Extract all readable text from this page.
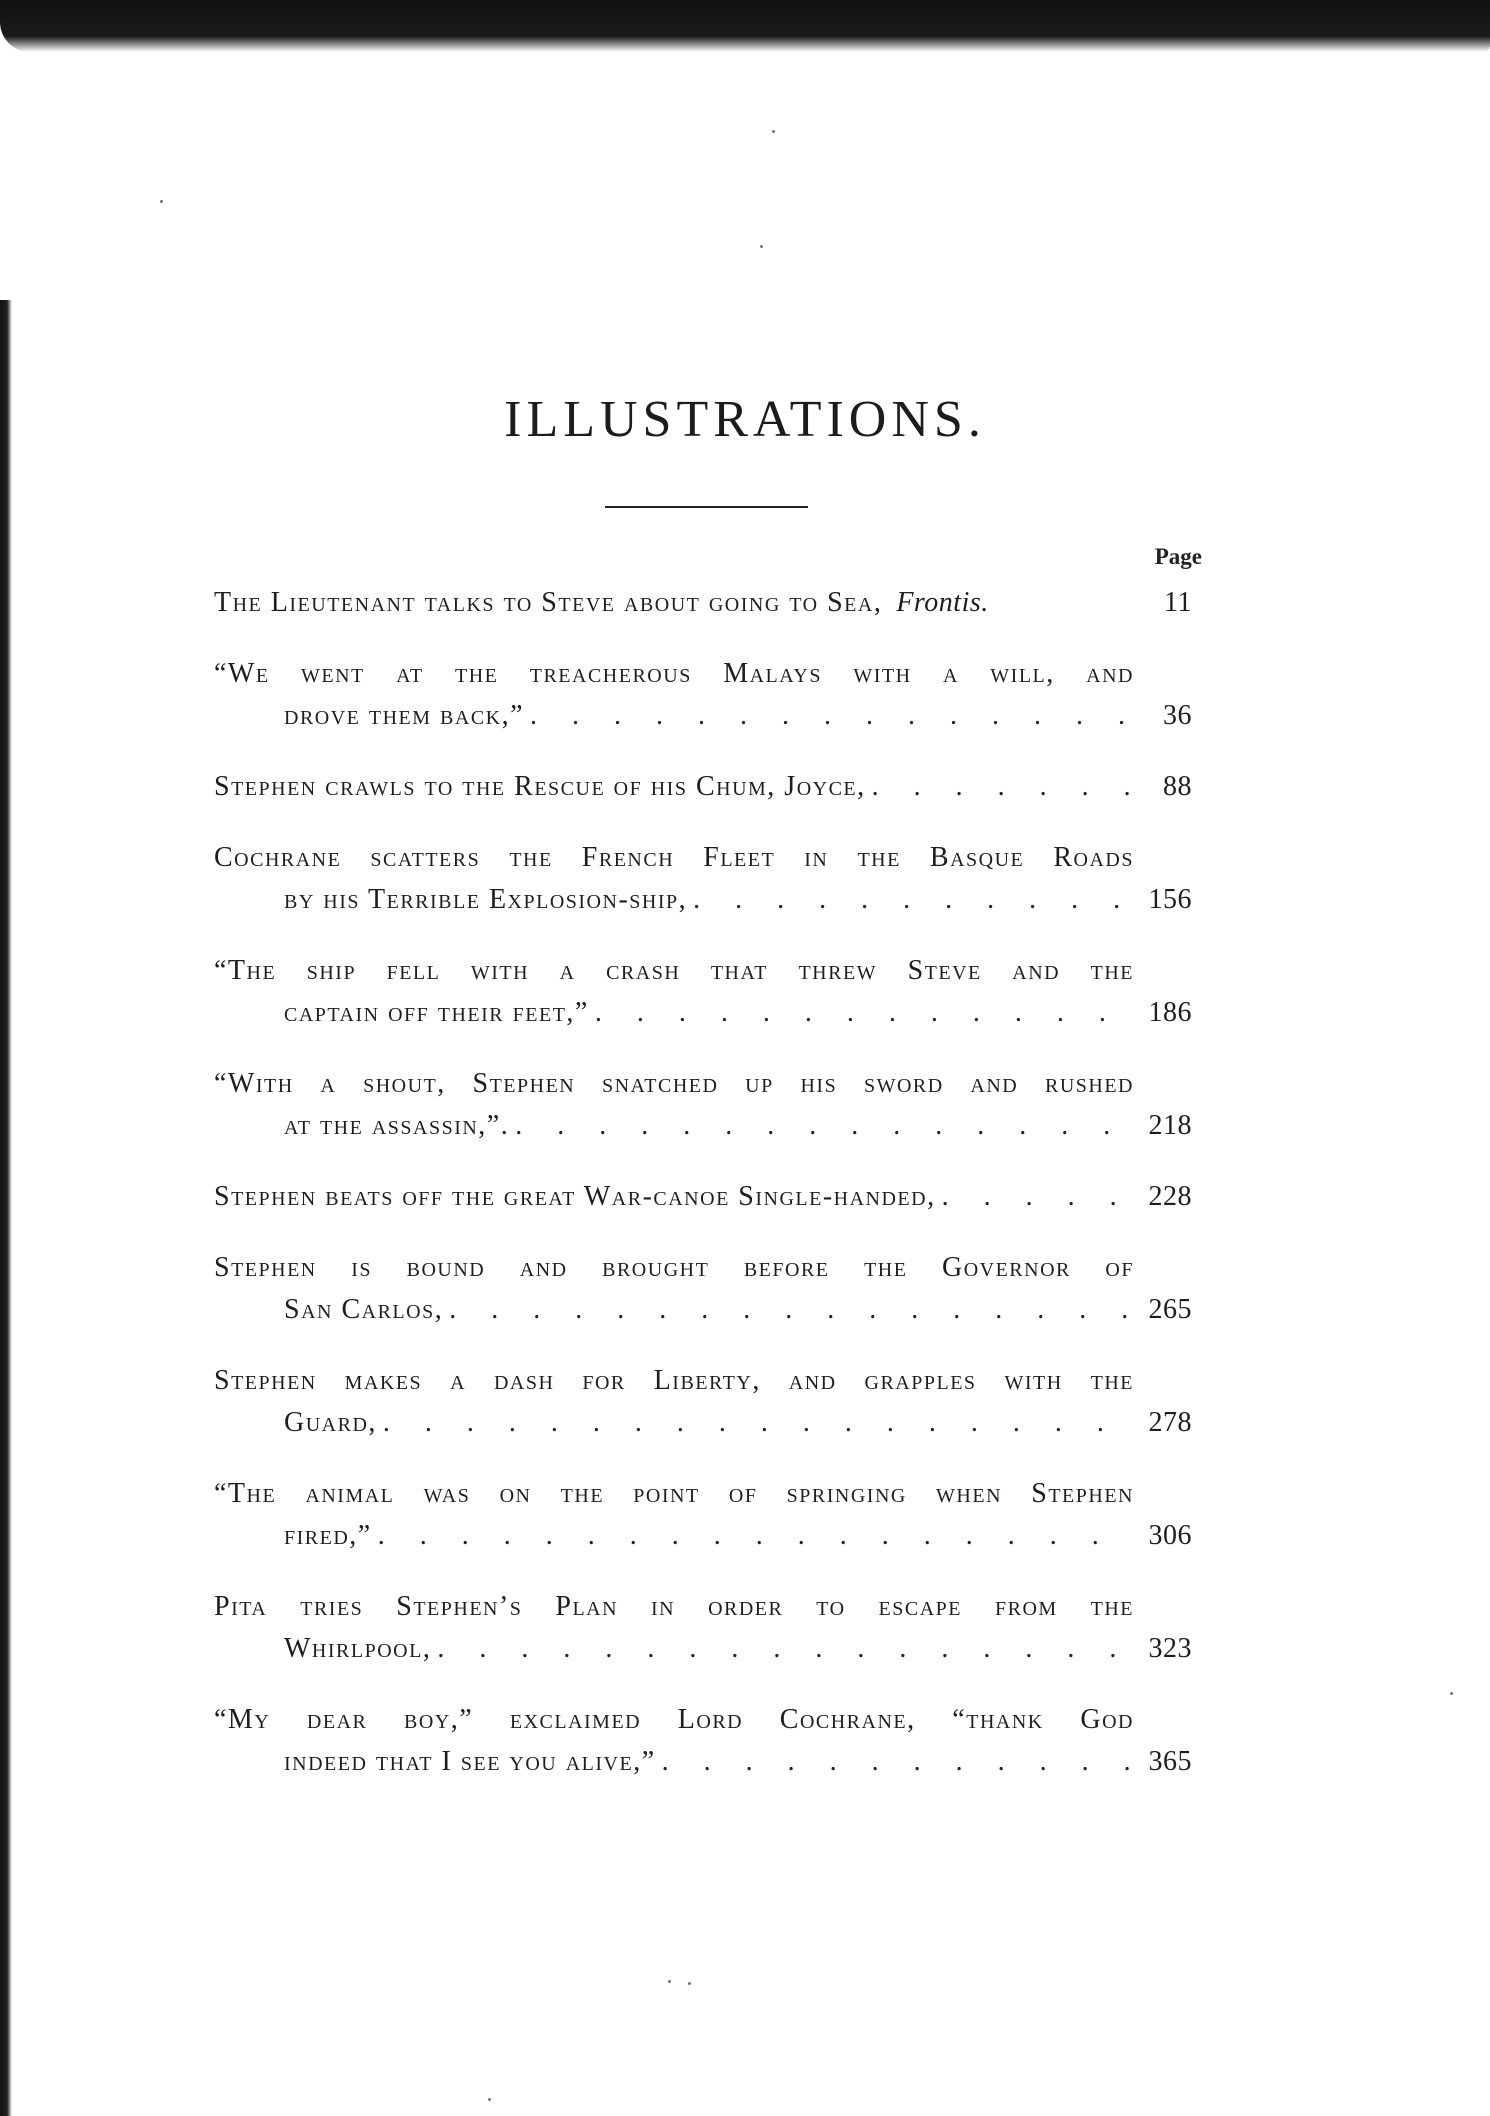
ILLUSTRATIONS.
Page
The Lieutenant talks to Steve about going to Sea, Frontis.	11
“We went at the treacherous Malays with a will, and
drove them back,” . . .	36
Stephen crawls to the Rescue of his Chum, Joyce, . . .	88
Cochrane scatters the French Fleet in the Basque Roads
by his Terrible Explosion-ship, . . .	156
“The ship fell with a crash that threw Steve and the
captain off their feet,” . . .	186
“With a shout, Stephen snatched up his sword and rushed
at the assassin,”. . . .	218
Stephen beats off the great War-canoe Single-handed, . . .	228
Stephen is bound and brought before the Governor of
San Carlos, . . .	265
Stephen makes a dash for Liberty, and grapples with the
Guard, . . .	278
“The animal was on the point of springing when Stephen
fired,” . . .	306
Pita tries Stephen’s Plan in order to escape from the
Whirlpool, . . .	323
“My dear boy,” exclaimed Lord Cochrane, “thank God
indeed that I see you alive,” . . .	365
